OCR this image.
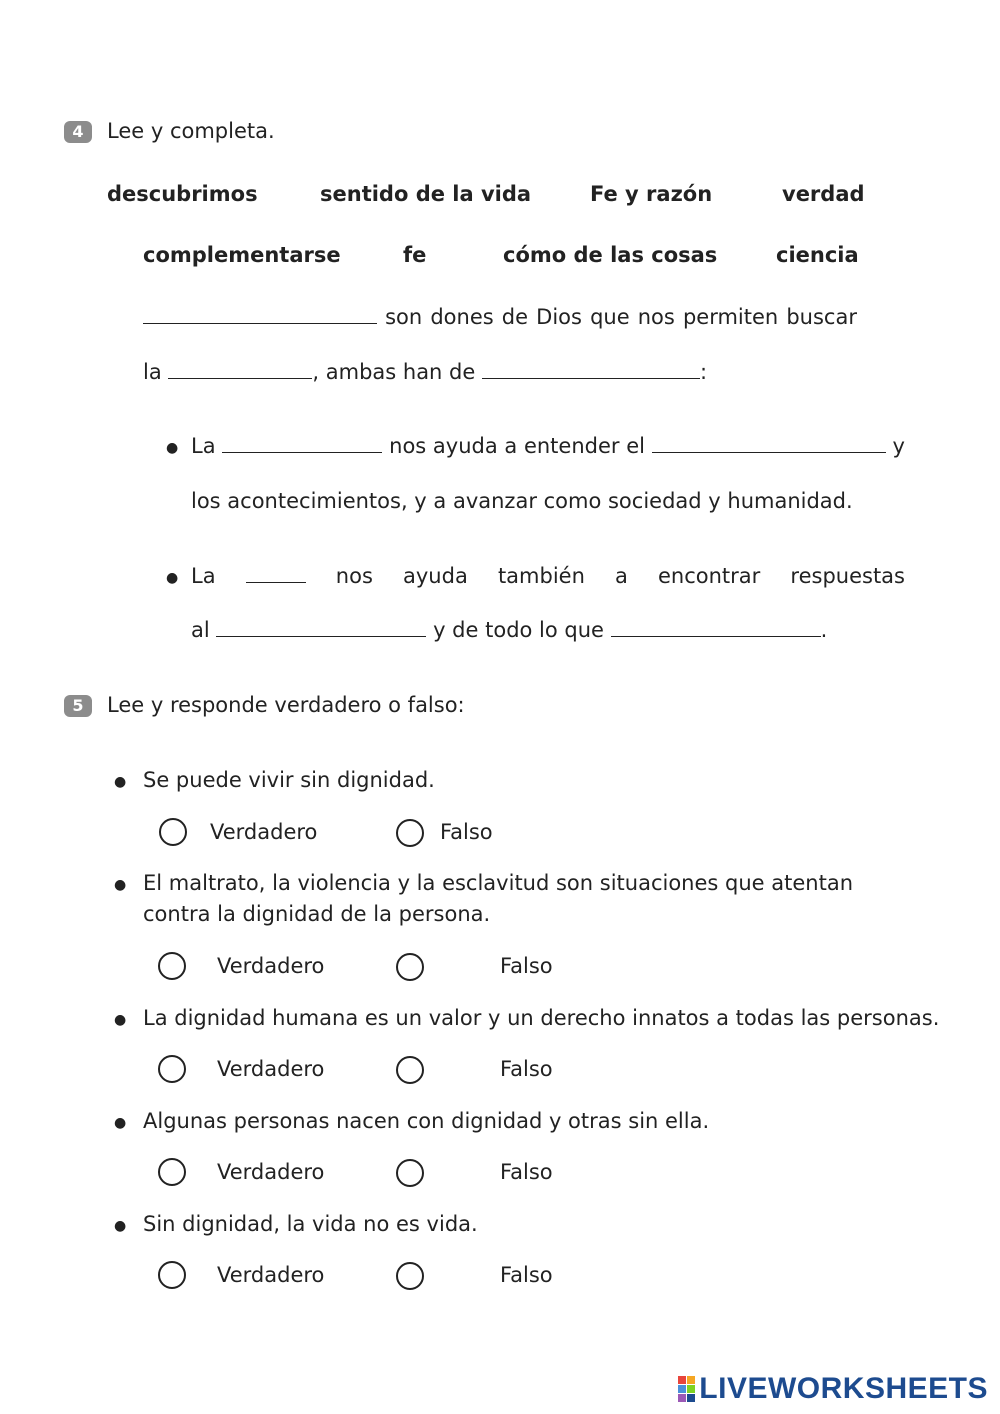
4	Lee y completa.
descubrimos	sentido de la vida	Fe y razón	verdad
complementarse	fe	cómo de las cosas	ciencia
son dones de Dios que nos permiten buscar
la	, ambas han de	:
● La	nos ayuda a entender el	y
los acontecimientos, y a avanzar como sociedad y humanidad.
● La	nos ayuda también a encontrar respuestas
al	y de todo lo que	.
5	Lee y responde verdadero o falso:
● Se puede vivir sin dignidad.
Verdadero	Falso
● El maltrato, la violencia y la esclavitud son situaciones que atentan
contra la dignidad de la persona.
Verdadero	Falso
● La dignidad humana es un valor y un derecho innatos a todas las personas.
Verdadero	Falso
● Algunas personas nacen con dignidad y otras sin ella.
Verdadero	Falso
● Sin dignidad, la vida no es vida.
Verdadero	Falso
LIVEWORKSHEETS
